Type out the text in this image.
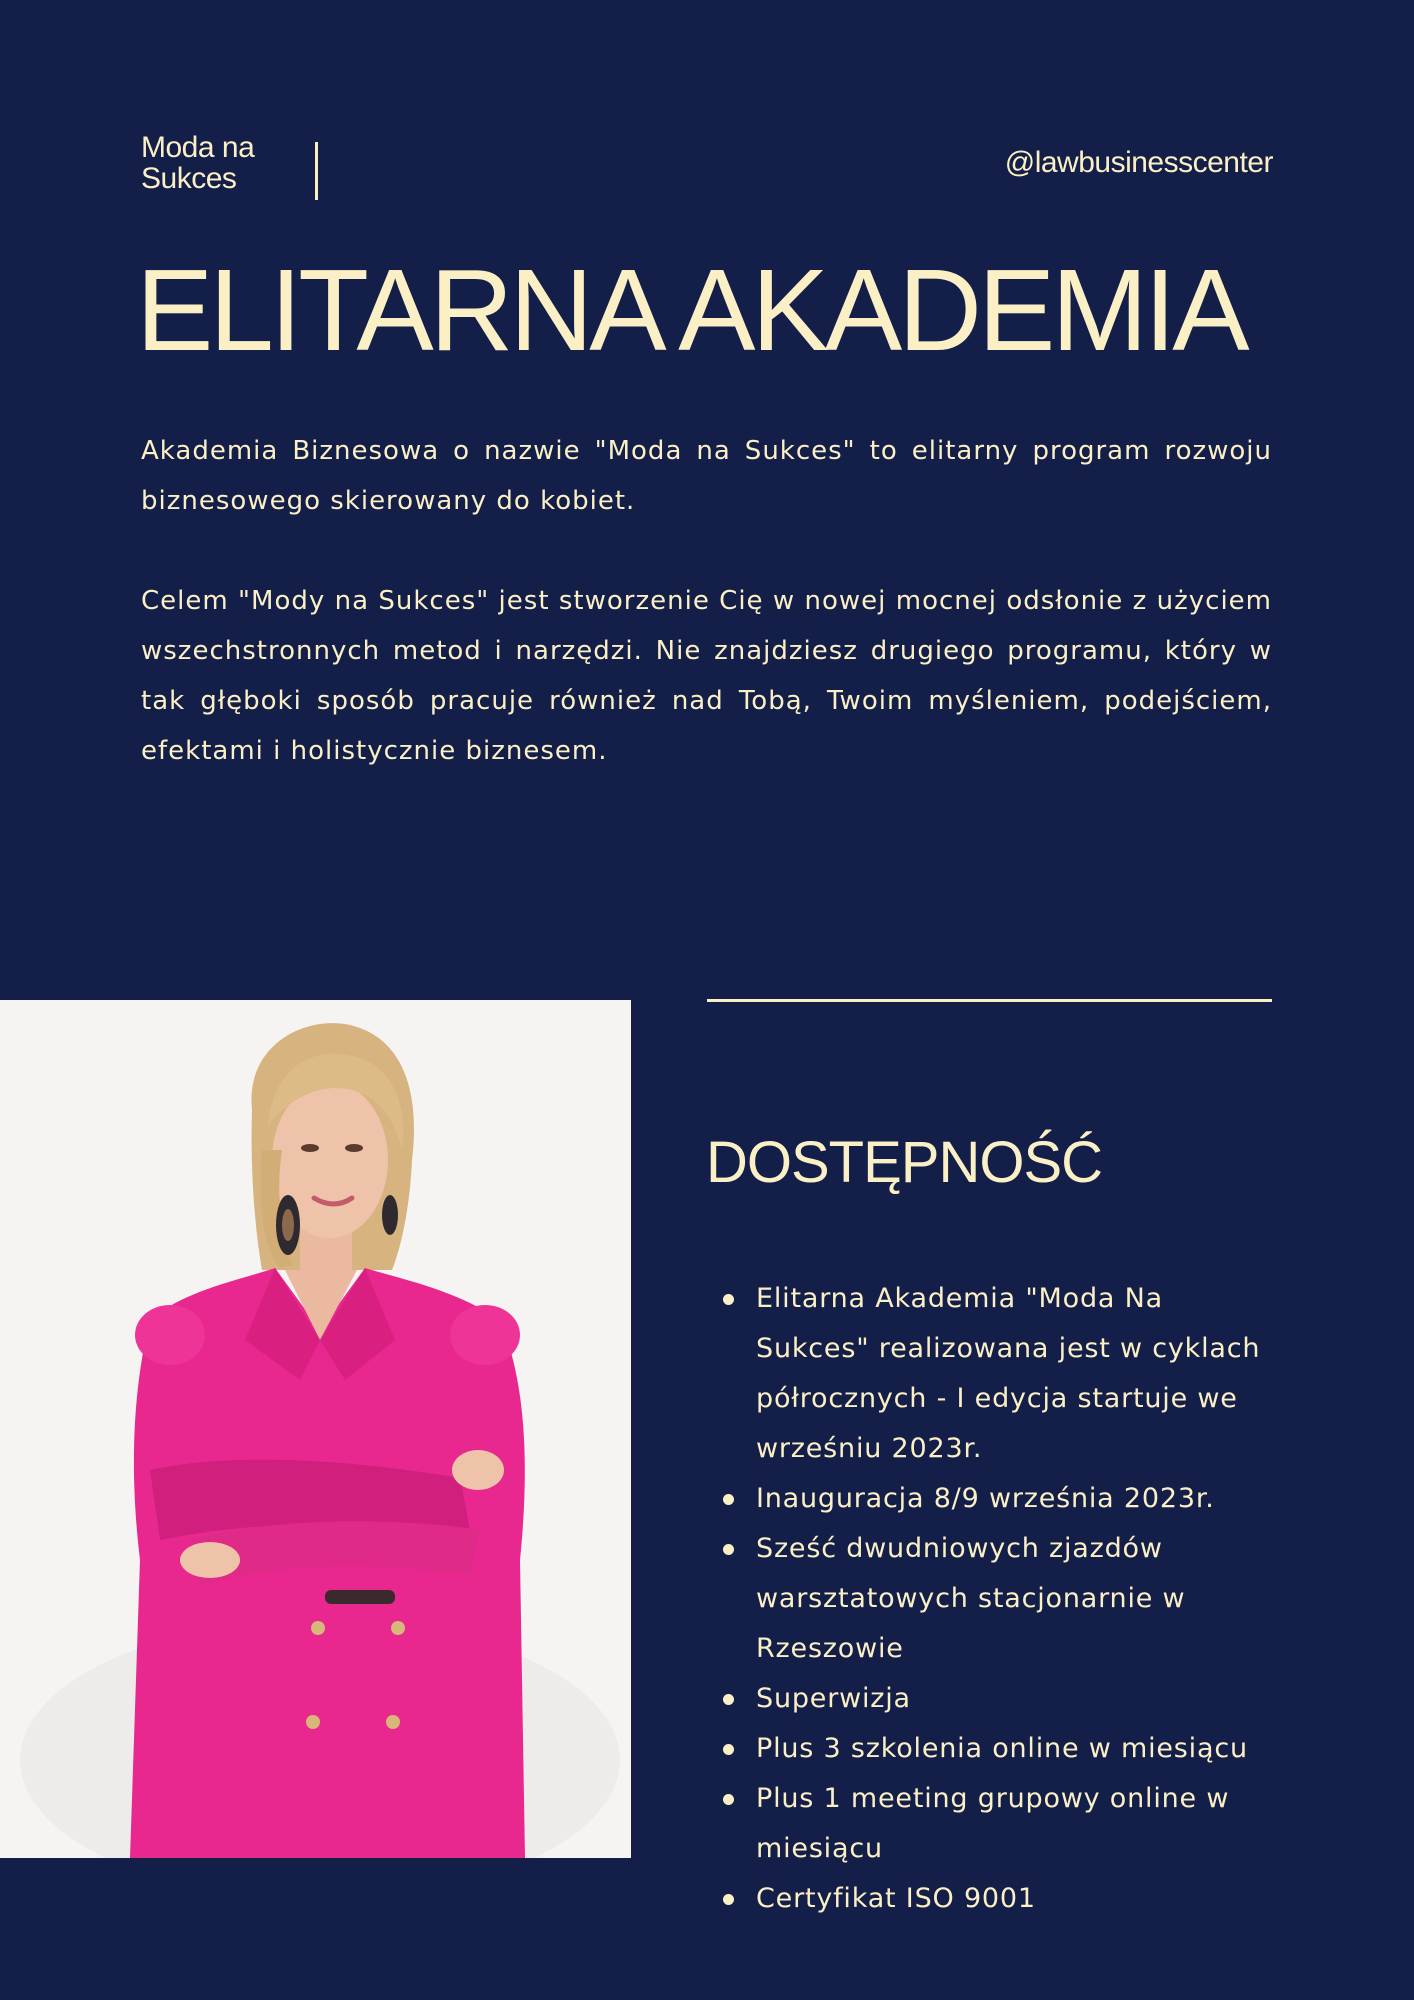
Moda na
Sukces	@lawbusinesscenter
ELITARNA AKADEMIA

Akademia Biznesowa o nazwie "Moda na Sukces" to elitarny program rozwoju biznesowego skierowany do kobiet.

Celem "Mody na Sukces" jest stworzenie Cię w nowej mocnej odsłonie z użyciem wszechstronnych metod i narzędzi. Nie znajdziesz drugiego programu, który w tak głęboki sposób pracuje również nad Tobą, Twoim myśleniem, podejściem, efektami i holistycznie biznesem.

DOSTĘPNOŚĆ
Elitarna Akademia "Moda Na Sukces" realizowana jest w cyklach półrocznych - I edycja startuje we wrześniu 2023r.
Inauguracja 8/9 września 2023r.
Sześć dwudniowych zjazdów warsztatowych stacjonarnie w Rzeszowie
Superwizja
Plus 3 szkolenia online w miesiącu
Plus 1 meeting grupowy online w miesiącu
Certyfikat ISO 9001
